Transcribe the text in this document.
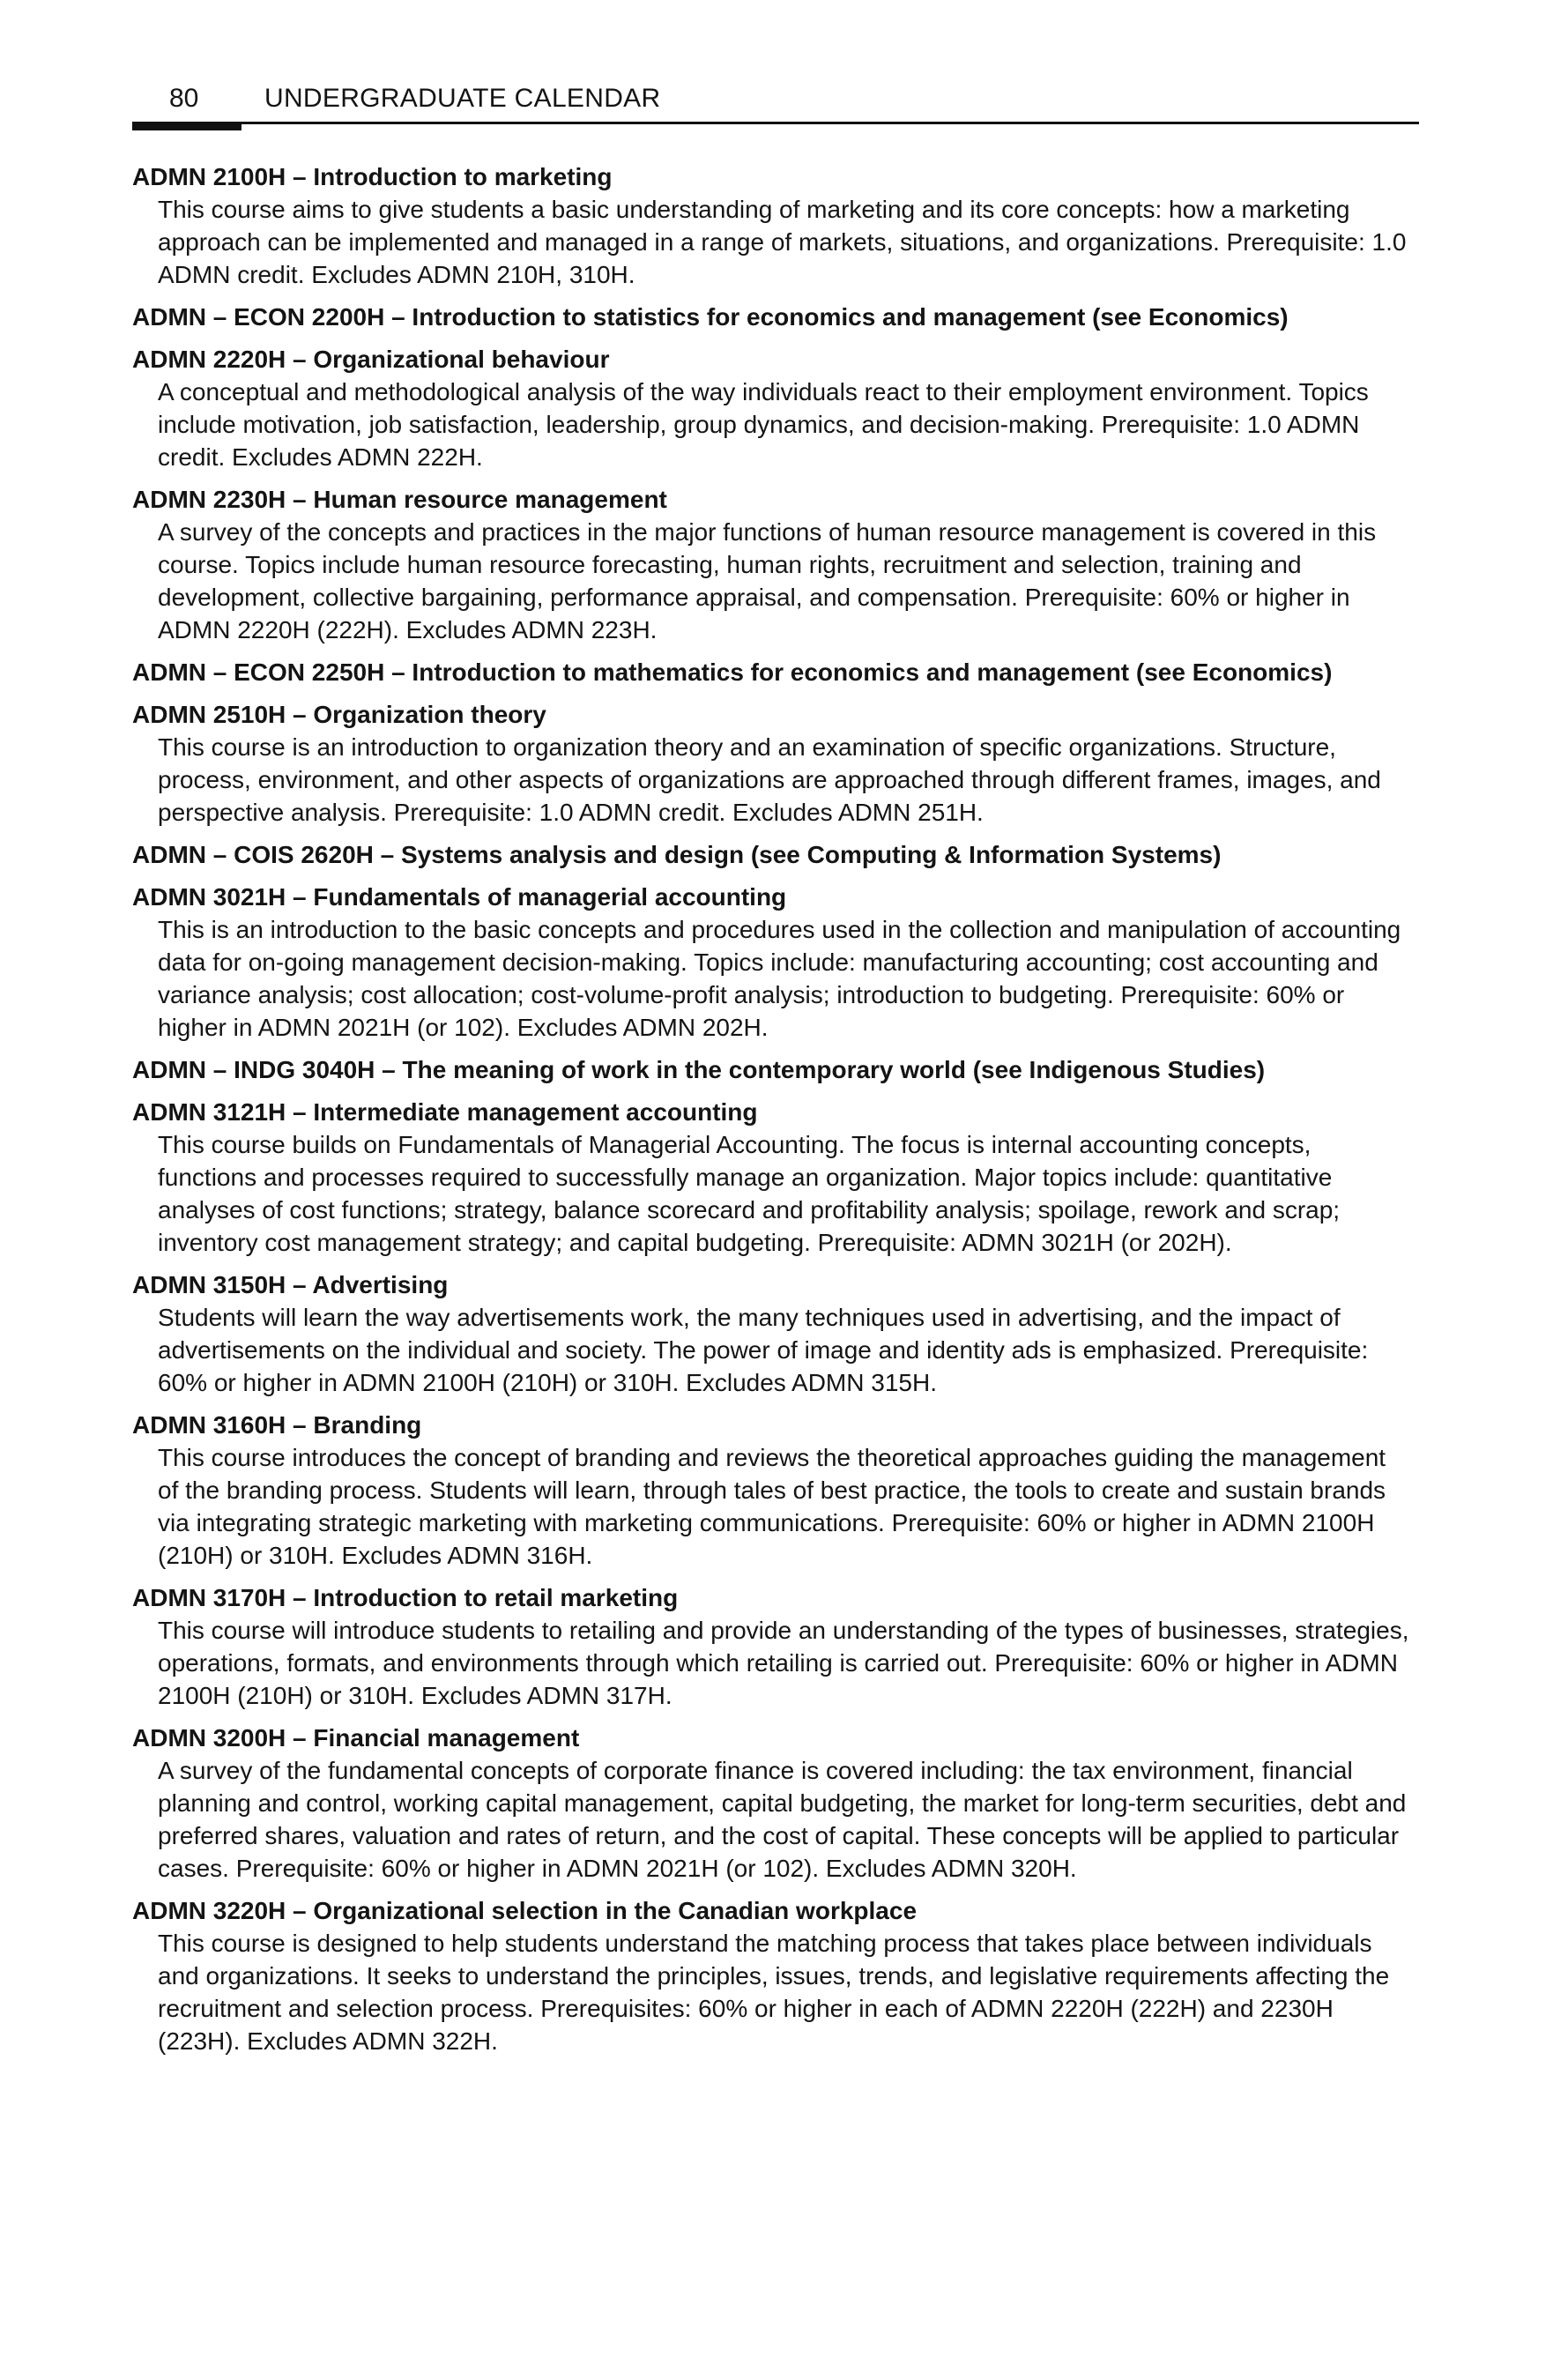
80 UNDERGRADUATE CALENDAR
ADMN 2100H – Introduction to marketing
This course aims to give students a basic understanding of marketing and its core concepts: how a marketing approach can be implemented and managed in a range of markets, situations, and organizations. Prerequisite: 1.0 ADMN credit. Excludes ADMN 210H, 310H.
ADMN – ECON 2200H – Introduction to statistics for economics and management (see Economics)
ADMN 2220H – Organizational behaviour
A conceptual and methodological analysis of the way individuals react to their employment environment. Topics include motivation, job satisfaction, leadership, group dynamics, and decision-making. Prerequisite: 1.0 ADMN credit. Excludes ADMN 222H.
ADMN 2230H – Human resource management
A survey of the concepts and practices in the major functions of human resource management is covered in this course. Topics include human resource forecasting, human rights, recruitment and selection, training and development, collective bargaining, performance appraisal, and compensation. Prerequisite: 60% or higher in ADMN 2220H (222H). Excludes ADMN 223H.
ADMN – ECON 2250H – Introduction to mathematics for economics and management (see Economics)
ADMN 2510H – Organization theory
This course is an introduction to organization theory and an examination of specific organizations. Structure, process, environment, and other aspects of organizations are approached through different frames, images, and perspective analysis. Prerequisite: 1.0 ADMN credit. Excludes ADMN 251H.
ADMN – COIS 2620H – Systems analysis and design (see Computing & Information Systems)
ADMN 3021H – Fundamentals of managerial accounting
This is an introduction to the basic concepts and procedures used in the collection and manipulation of accounting data for on-going management decision-making. Topics include: manufacturing accounting; cost accounting and variance analysis; cost allocation; cost-volume-profit analysis; introduction to budgeting. Prerequisite: 60% or higher in ADMN 2021H (or 102). Excludes ADMN 202H.
ADMN – INDG 3040H – The meaning of work in the contemporary world (see Indigenous Studies)
ADMN 3121H – Intermediate management accounting
This course builds on Fundamentals of Managerial Accounting. The focus is internal accounting concepts, functions and processes required to successfully manage an organization. Major topics include: quantitative analyses of cost functions; strategy, balance scorecard and profitability analysis; spoilage, rework and scrap; inventory cost management strategy; and capital budgeting. Prerequisite: ADMN 3021H (or 202H).
ADMN 3150H – Advertising
Students will learn the way advertisements work, the many techniques used in advertising, and the impact of advertisements on the individual and society. The power of image and identity ads is emphasized. Prerequisite: 60% or higher in ADMN 2100H (210H) or 310H. Excludes ADMN 315H.
ADMN 3160H – Branding
This course introduces the concept of branding and reviews the theoretical approaches guiding the management of the branding process. Students will learn, through tales of best practice, the tools to create and sustain brands via integrating strategic marketing with marketing communications. Prerequisite: 60% or higher in ADMN 2100H (210H) or 310H. Excludes ADMN 316H.
ADMN 3170H – Introduction to retail marketing
This course will introduce students to retailing and provide an understanding of the types of businesses, strategies, operations, formats, and environments through which retailing is carried out. Prerequisite: 60% or higher in ADMN 2100H (210H) or 310H. Excludes ADMN 317H.
ADMN 3200H – Financial management
A survey of the fundamental concepts of corporate finance is covered including: the tax environment, financial planning and control, working capital management, capital budgeting, the market for long-term securities, debt and preferred shares, valuation and rates of return, and the cost of capital. These concepts will be applied to particular cases. Prerequisite: 60% or higher in ADMN 2021H (or 102). Excludes ADMN 320H.
ADMN 3220H – Organizational selection in the Canadian workplace
This course is designed to help students understand the matching process that takes place between individuals and organizations. It seeks to understand the principles, issues, trends, and legislative requirements affecting the recruitment and selection process. Prerequisites: 60% or higher in each of ADMN 2220H (222H) and 2230H (223H). Excludes ADMN 322H.
